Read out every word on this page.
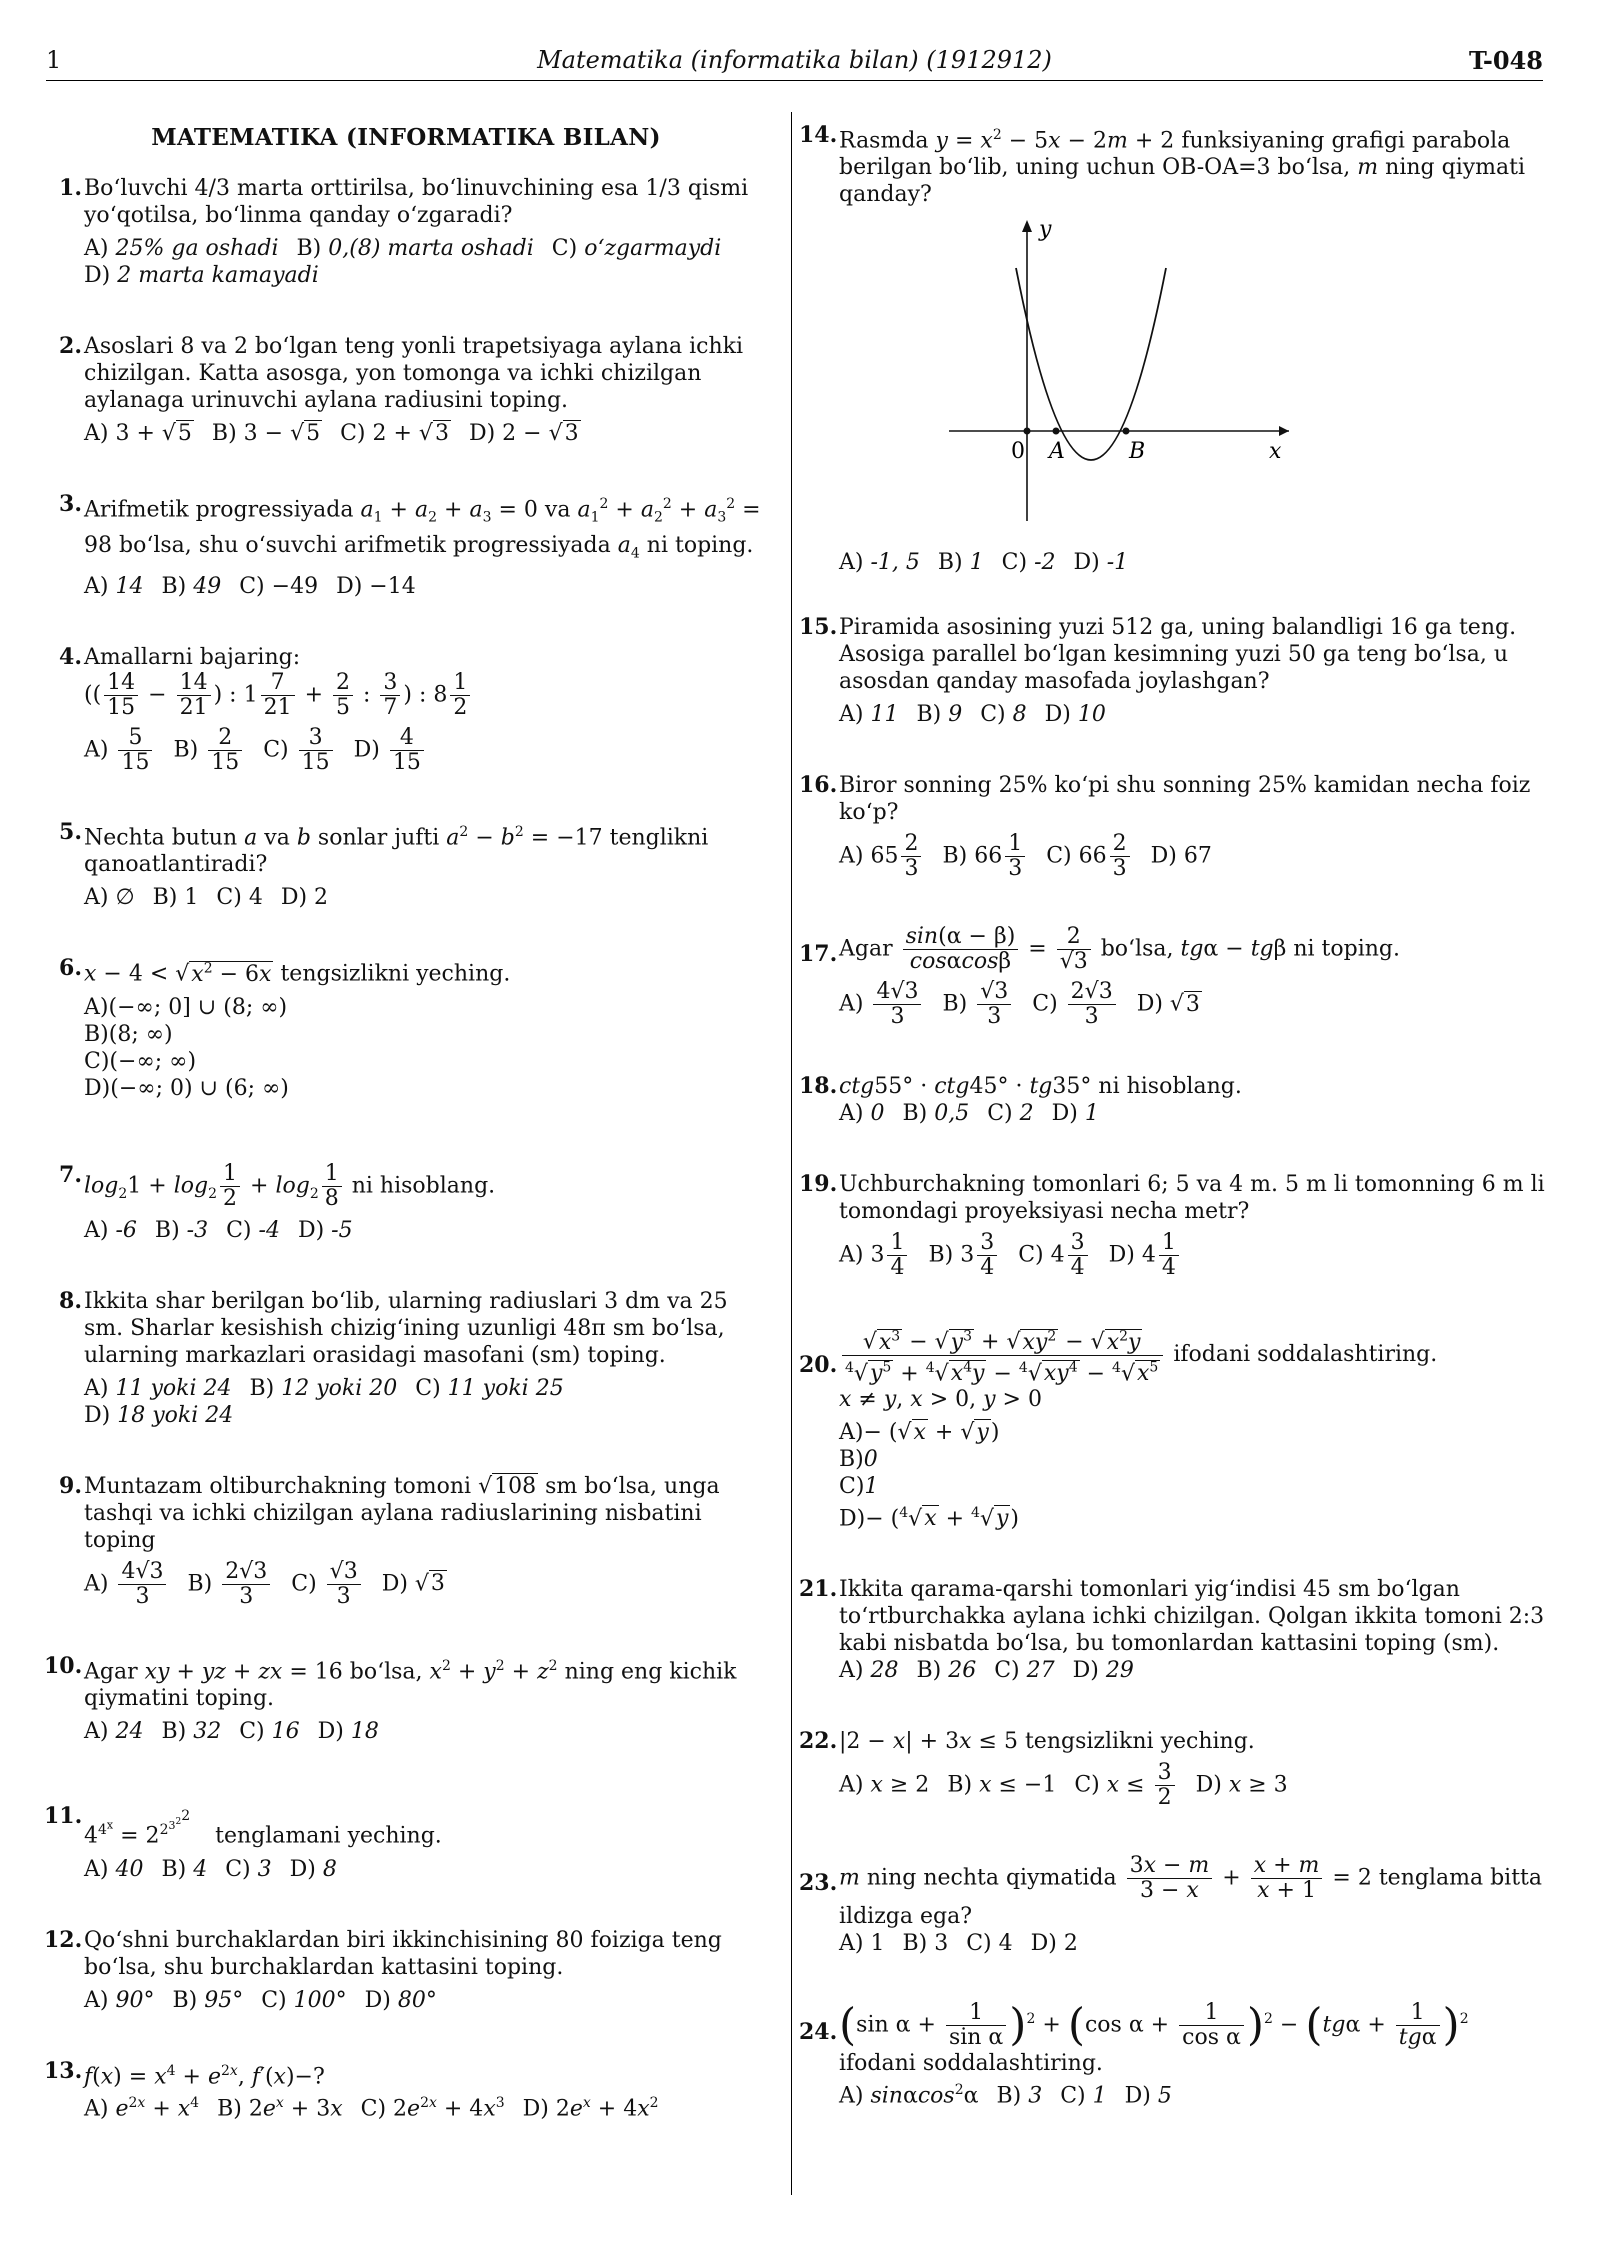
1	Matematika (informatika bilan) (1912912)	T-048
MATEMATIKA (INFORMATIKA BILAN)
1. Bo‘luvchi 4/3 marta orttirilsa, bo‘linuvchining esa 1/3 qismi yo‘qotilsa, bo‘linma qanday o‘zgaradi?
A) 25% ga oshadi B) 0,(8) marta oshadi C) o‘zgarmaydi
D) 2 marta kamayadi
2. Asoslari 8 va 2 bo‘lgan teng yonli trapetsiyaga aylana ichki chizilgan. Katta asosga, yon tomonga va ichki chizilgan aylanaga urinuvchi aylana radiusini toping.
A) 3 + √5 B) 3 − √5 C) 2 + √3 D) 2 − √3
3. Arifmetik progressiyada $a_1 + a_2 + a_3 = 0$ va $a_1^2 + a_2^2 + a_3^2 = 98$ bo‘lsa, shu o‘suvchi arifmetik progressiyada $a_4$ ni toping.
A) 14 B) 49 C) −49 D) −14
4. Amallarni bajaring:
(( $\frac{14}{15} - \frac{14}{21}$ ) : $1 \frac{7}{21} + \frac{2}{5}$ : $\frac{3}{7}$ ) : $8 \frac{1}{2}$
$A) \frac{5}{15} B) \frac{2}{15} C) \frac{3}{15} D) \frac{4}{15}$
5. Nechta butun a va b sonlar jufti $a^2 - b^2 = -17$ tenglikni qanoatlantiradi?
A) ∅ B) 1 C) 4 D) 2
6. $x - 4 < √x^2 - 6x$ tengsizlikni yeching.
A)(−∞; 0] ∪ (8; ∞)
B)(8; ∞)
C)(−∞; ∞)
D)(−∞; 0) ∪ (6; ∞)
7. $\log_21 + \log_2 \frac{1}{2} + \log_2 \frac{1}{8}$ ni hisoblang.
A) -6 B) -3 C) -4 D) -5
8. Ikkita shar berilgan bo‘lib, ularning radiuslari 3 dm va 25 sm. Sharlar kesishish chizig‘ining uzunligi 48π sm bo‘lsa, ularning markazlari orasidagi masofani (sm) toping.
A) 11 yoki 24 B) 12 yoki 20 C) 11 yoki 25
D) 18 yoki 24
9. Muntazam oltiburchakning tomoni √108 sm bo‘lsa, unga tashqi va ichki chizilgan aylana radiuslarining nisbatini toping
$A) \frac{4√3}{3} B) \frac{2√3}{3} C) \frac{√3}{3} D$) √3
10. Agar xy + yz + zx = 16 bo‘lsa, $x^2 + y^2 + z^2$ ning eng kichik qiymatini toping.
A) 24 B) 32 C) 16 D) 18
11.
$4^{4^x} = 2^{2^{3^{2^2}}}$ tenglamani yeching.
A) 40 B) 4 C) 3 D) 8
12. Qo‘shni burchaklardan biri ikkinchisining 80 foiziga teng bo‘lsa, shu burchaklardan kattasini toping.
A) 90° B) 95° C) 100° D) 80°
13. $f(x) = x^4 + e^{2x}$, f′(x)−?
A) $e^{2x} + x^4$ B) $2e^x + 3x$ C) $2e^{2x} + 4x^3$ D) $2e^x + 4x^2$
14. Rasmda $y = x^2 - 5x - 2m + 2$ funksiyaning grafigi parabola berilgan bo‘lib, uning uchun OB-OA=3 bo‘lsa, m ning qiymati qanday?
y
x
0 A	B
A) -1, 5 B) 1 C) -2 D) -1
15. Piramida asosining yuzi 512 ga, uning balandligi 16 ga teng. Asosiga parallel bo‘lgan kesimning yuzi 50 ga teng bo‘lsa, u asosdan qanday masofada joylashgan?
A) 11 B) 9 C) 8 D) 10
16. Biror sonning 25% ko‘pi shu sonning 25% kamidan necha foiz ko‘p?
A) $65 \frac{2}{3} B$) $66 \frac{1}{3} C$) $66 \frac{2}{3} D$) 67
17. Agar $\frac{\sin(\alpha - \beta)}{\cos\alpha\cos\beta} = \frac{2}{√3}$ bo‘lsa, tgα − tgβ ni toping.
$A) \frac{4√3}{3} B) \frac{√3}{3} C) \frac{2√3}{3} D$) √3
18. ctg55° · ctg45° · tg35° ni hisoblang.
A) 0 B) 0,5 C) 2 D) 1
19. Uchburchakning tomonlari 6; 5 va 4 m. 5 m li tomonning 6 m li tomondagi proyeksiyasi necha metr?
A) $3 \frac{1}{4} B$) $3 \frac{3}{4} C$) $4 \frac{3}{4} D$) $4 \frac{1}{4}$
20. $\frac{√x^3 - √y^3 + √xy^2 - √x^2y}{^4√y^5 + ^4√x^4y - ^4√xy^4 - ^4√x^5}$ ifodani soddalashtiring.
x ≠ y, x > 0, y > 0
A)− (√x + √y)
B)0
C)1
D)− ($^4$√x + $^4$√y)
21. Ikkita qarama-qarshi tomonlari yig‘indisi 45 sm bo‘lgan to‘rtburchakka aylana ichki chizilgan. Qolgan ikkita tomoni 2:3 kabi nisbatda bo‘lsa, bu tomonlardan kattasini toping (sm).
A) 28 B) 26 C) 27 D) 29
22. |2 − x| + 3x ≤ 5 tengsizlikni yeching.
A) x ≥ 2 B) x ≤ −1 C) $x \le \frac{3}{2} D$) x ≥ 3
23. m ning nechta qiymatida $\frac{3x - m}{3 - x} + \frac{x + m}{x + 1} = 2$ tenglama bitta ildizga ega?
A) 1 B) 3 C) 4 D) 2
24. (sin $\alpha + \frac{1}{\text{sin α}} )^2 + (\cos$ $\alpha + \frac{1}{\text{cos α}} )^2 - (tg\alpha + 1$
tgα )$^2$
ifodani soddalashtiring.
A) sinαcos$^2$α B) 3 C) 1 D) 5
